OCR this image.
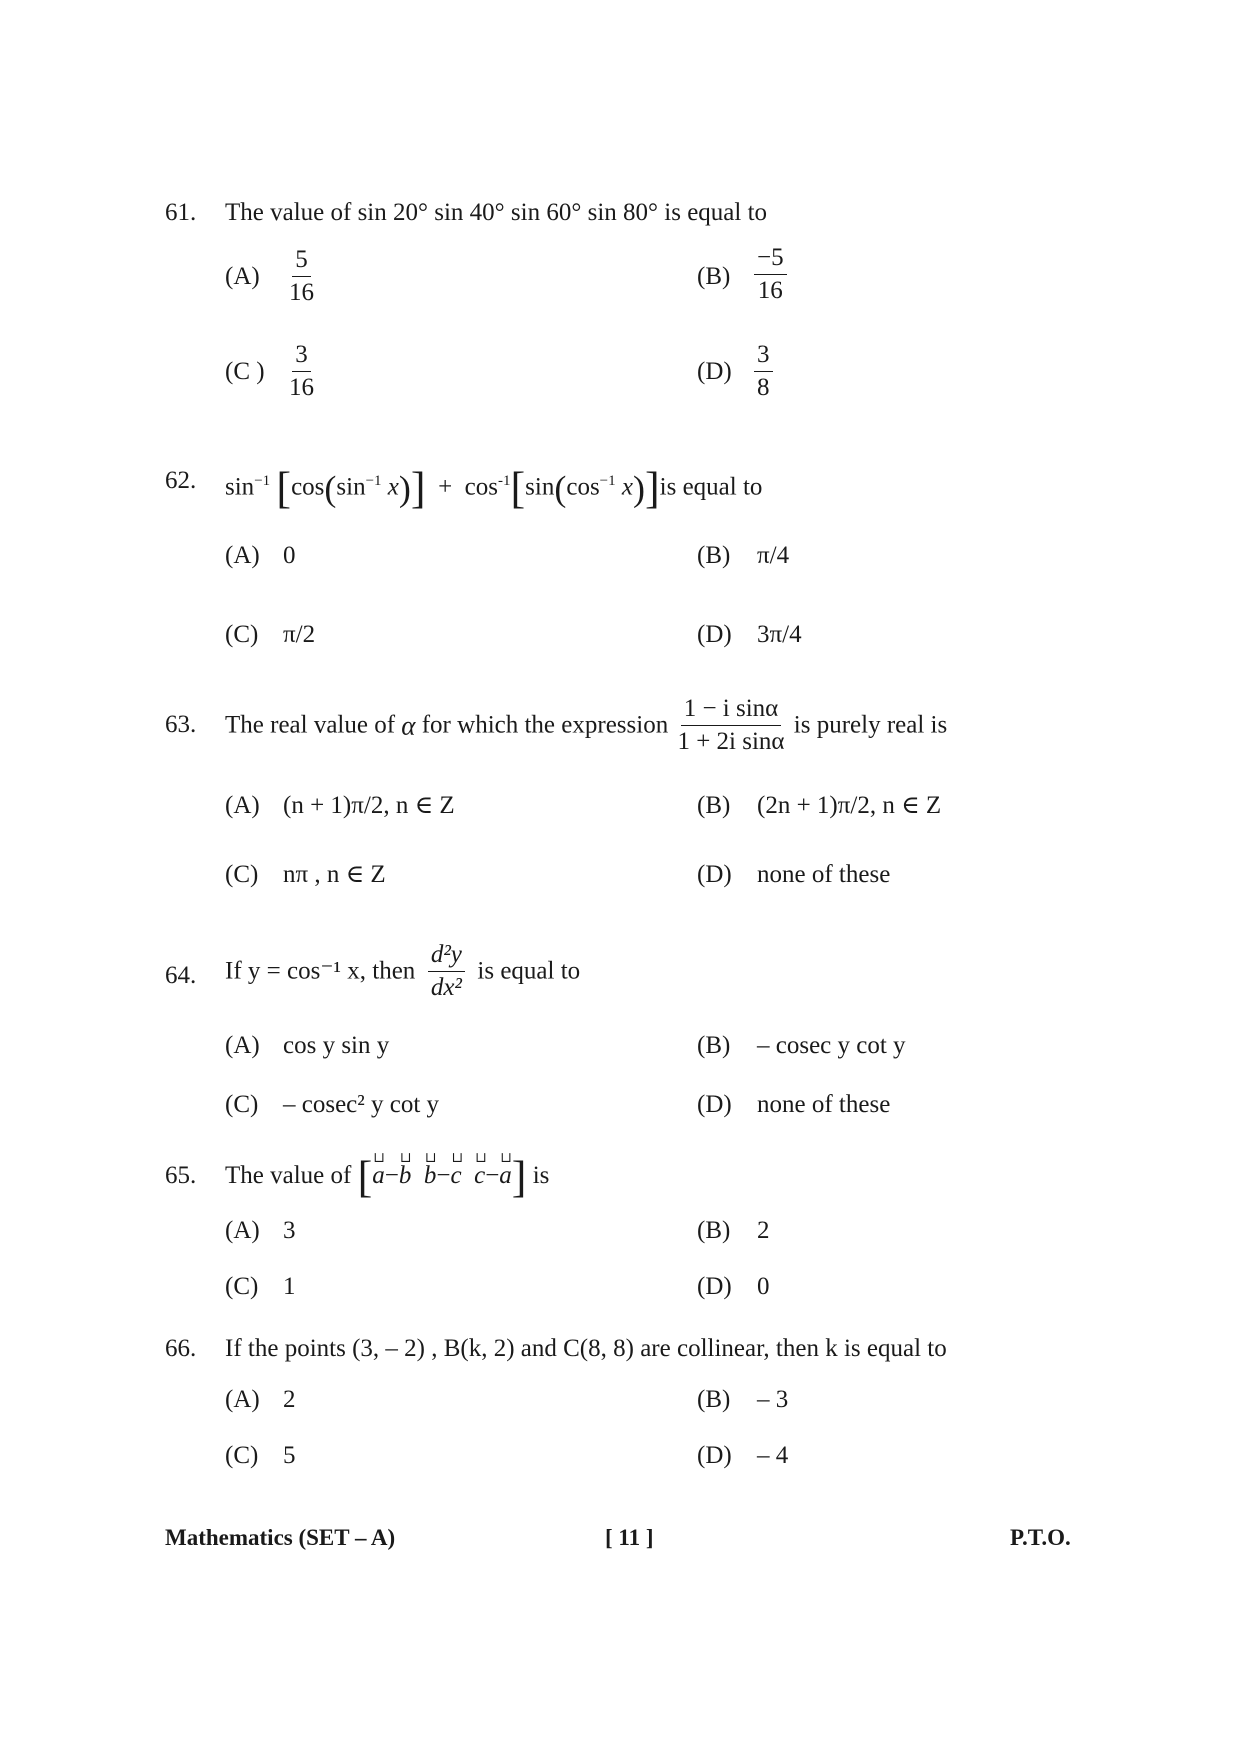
61. The value of sin 20° sin 40° sin 60° sin 80° is equal to
$(A) \frac{5}{16}$	$(B) \frac{-5}{16}$
(C ) $\frac{3}{16}$	$(D) \frac{3}{8}$
62. $\sin^{-1} [\cos(\sin^{-1}$ $x)] + \cos^{-1}[\sin(\cos^{-1}$ x)]is equal to
(A) 0	(B) π/4
(C) π/2	(D) 3π/4
63. The real value of α for which the expression $\frac{\text{1 − i sinα}}{\text{1 + 2i sinα}}$ is purely real is
(A) (n + 1)π/2, n ∈ Z	(B) (2n + 1)π/2, n ∈ Z
(C) nπ , n ∈ Z	(D) none of these
64. If y = cos⁻¹ x, then $\frac{\text{d²y}}{\text{dx²}}$ is equal to
(A) cos y sin y	(B) – cosec y cot y
(C) – cosec² y cot y	(D) none of these
65. The value of [⊔ a−⊔ b ⊔ b−⊔ c ⊔ c−⊔ a] is
(A) 3	(B) 2
(C) 1	(D) 0
66. If the points (3, – 2) , B(k, 2) and C(8, 8) are collinear, then k is equal to
(A) 2	(B) – 3
(C) 5	(D) – 4
Mathematics (SET – A)	[ 11 ]	P.T.O.
